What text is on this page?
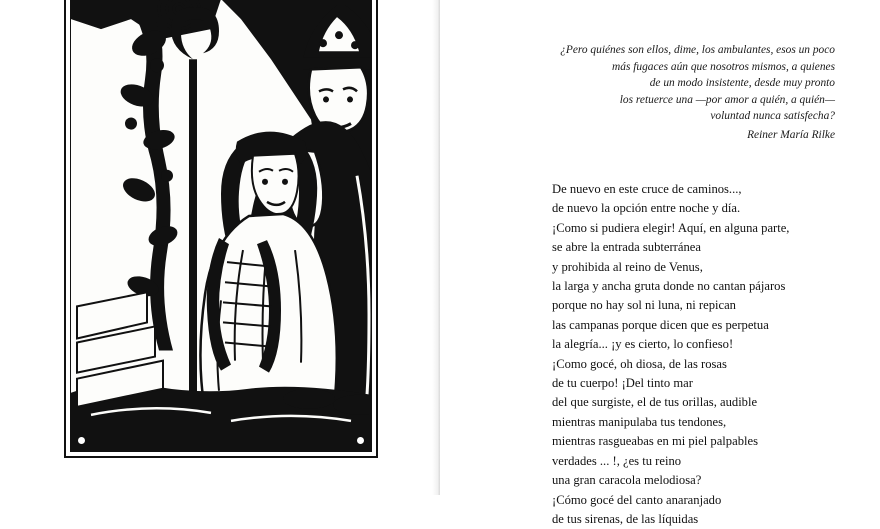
¿Pero quiénes son ellos, dime, los ambulantes, esos un poco
más fugaces aún que nosotros mismos, a quienes
de un modo insistente, desde muy pronto
los retuerce una —por amor a quién, a quién—
voluntad nunca satisfecha?
Reiner María Rilke
De nuevo en este cruce de caminos...,
de nuevo la opción entre noche y día.
¡Como si pudiera elegir! Aquí, en alguna parte,
se abre la entrada subterránea
y prohibida al reino de Venus,
la larga y ancha gruta donde no cantan pájaros
porque no hay sol ni luna, ni repican
las campanas porque dicen que es perpetua
la alegría... ¡y es cierto, lo confieso!
¡Como gocé, oh diosa, de las rosas
de tu cuerpo! ¡Del tinto mar
del que surgiste, el de tus orillas, audible
mientras manipulaba tus tendones,
mientras rasgueabas en mi piel palpables
verdades ... !, ¿es tu reino
una gran caracola melodiosa?
¡Cómo gocé del canto anaranjado
de tus sirenas, de las líquidas
